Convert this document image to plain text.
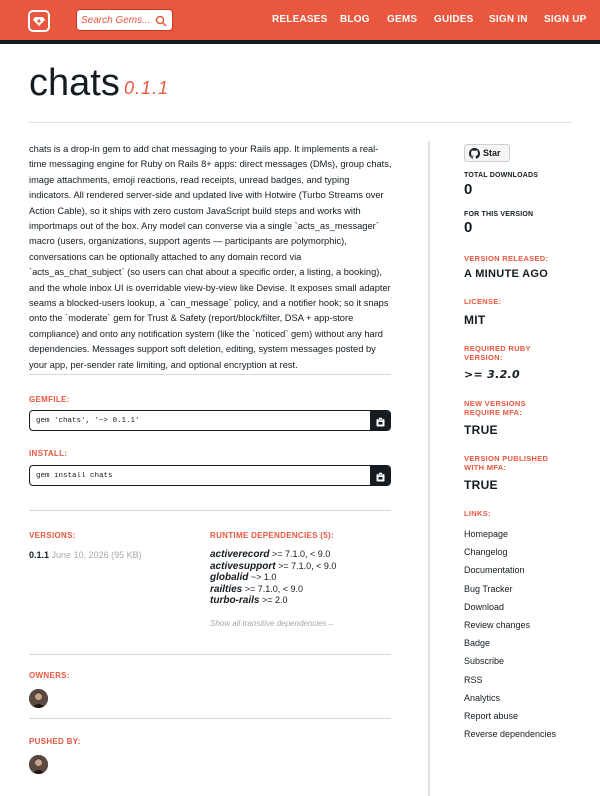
Search Gems...
RELEASES BLOG GEMS GUIDES SIGN IN SIGN UP
chats 0.1.1

chats is a drop-in gem to add chat messaging to your Rails app. It implements a real-time messaging engine for Ruby on Rails 8+ apps: direct messages (DMs), group chats, image attachments, emoji reactions, read receipts, unread badges, and typing indicators. All rendered server-side and updated live with Hotwire (Turbo Streams over Action Cable), so it ships with zero custom JavaScript build steps and works with importmaps out of the box. Any model can converse via a single `acts_as_messager` macro (users, organizations, support agents — participants are polymorphic), conversations can be optionally attached to any domain record via `acts_as_chat_subject` (so users can chat about a specific order, a listing, a booking), and the whole inbox UI is overridable view-by-view like Devise. It exposes small adapter seams a blocked-users lookup, a `can_message` policy, and a notifier hook; so it snaps onto the `moderate` gem for Trust & Safety (report/block/filter, DSA + app-store compliance) and onto any notification system (like the `noticed` gem) without any hard dependencies. Messages support soft deletion, editing, system messages posted by your app, per-sender rate limiting, and optional encryption at rest.

GEMFILE:
gem 'chats', '~> 0.1.1'
INSTALL:
gem install chats
VERSIONS:
0.1.1 June 10, 2026 (95 KB)
RUNTIME DEPENDENCIES (5):
activerecord >= 7.1.0, < 9.0
activesupport >= 7.1.0, < 9.0
globalid ~> 1.0
railties >= 7.1.0, < 9.0
turbo-rails >= 2.0
Show all transitive dependencies→
OWNERS:
PUSHED BY:
Star
TOTAL DOWNLOADS
0
FOR THIS VERSION
0
VERSION RELEASED:
A MINUTE AGO
LICENSE:
MIT
REQUIRED RUBY
VERSION:
>= 3.2.0
NEW VERSIONS
REQUIRE MFA:
TRUE
VERSION PUBLISHED
WITH MFA:
TRUE
LINKS:
Homepage
Changelog
Documentation
Bug Tracker
Download
Review changes
Badge
Subscribe
RSS
Analytics
Report abuse
Reverse dependencies
